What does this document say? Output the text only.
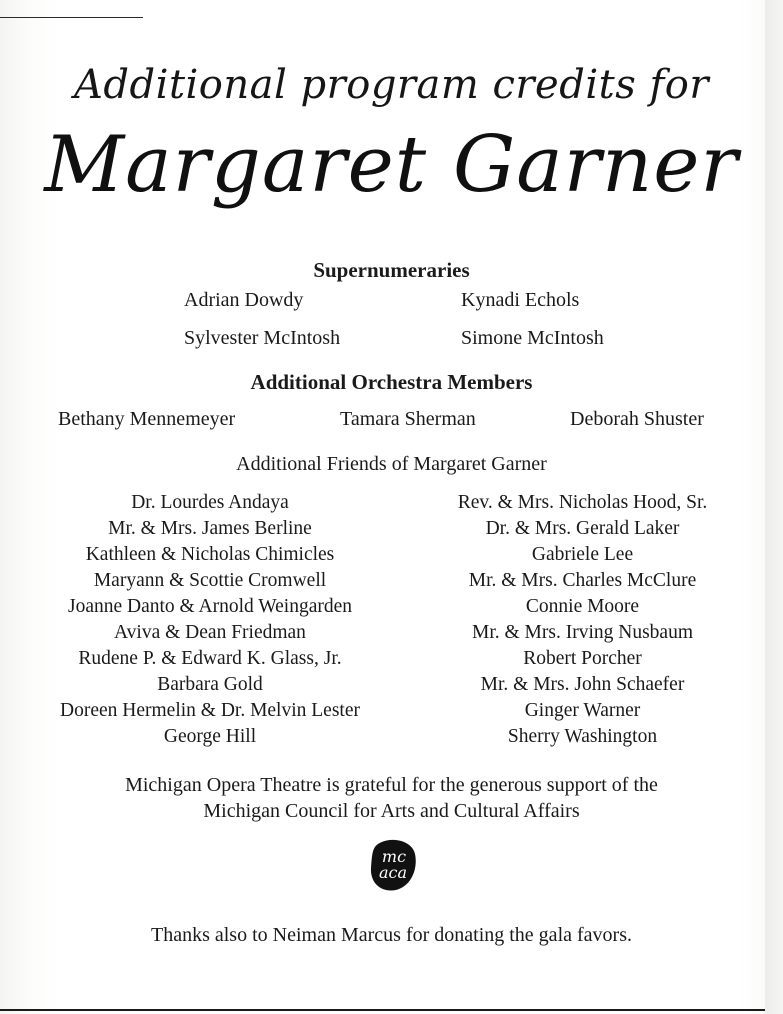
Additional program credits for
Margaret Garner
Supernumeraries
Adrian Dowdy	Kynadi Echols
Sylvester McIntosh	Simone McIntosh
Additional Orchestra Members
Bethany Mennemeyer	Tamara Sherman	Deborah Shuster
Additional Friends of Margaret Garner
Dr. Lourdes Andaya
Mr. & Mrs. James Berline
Kathleen & Nicholas Chimicles
Maryann & Scottie Cromwell
Joanne Danto & Arnold Weingarden
Aviva & Dean Friedman
Rudene P. & Edward K. Glass, Jr.
Barbara Gold
Doreen Hermelin & Dr. Melvin Lester
George Hill
Rev. & Mrs. Nicholas Hood, Sr.
Dr. & Mrs. Gerald Laker
Gabriele Lee
Mr. & Mrs. Charles McClure
Connie Moore
Mr. & Mrs. Irving Nusbaum
Robert Porcher
Mr. & Mrs. John Schaefer
Ginger Warner
Sherry Washington
Michigan Opera Theatre is grateful for the generous support of the
Michigan Council for Arts and Cultural Affairs
mc
aca
Thanks also to Neiman Marcus for donating the gala favors.
